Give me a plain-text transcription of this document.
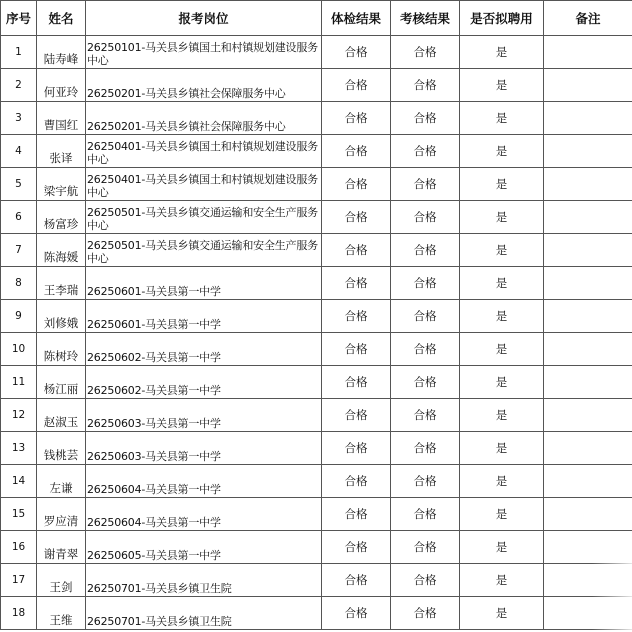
序号	姓名	报考岗位	体检结果	考核结果	是否拟聘用	备注
1	陆寿峰	26250101-马关县乡镇国土和村镇规划建设服务中心	合格	合格	是	
2	何亚玲	26250201-马关县乡镇社会保障服务中心	合格	合格	是	
3	曹国红	26250201-马关县乡镇社会保障服务中心	合格	合格	是	
4	张译	26250401-马关县乡镇国土和村镇规划建设服务中心	合格	合格	是	
5	梁宇航	26250401-马关县乡镇国土和村镇规划建设服务中心	合格	合格	是	
6	杨富珍	26250501-马关县乡镇交通运输和安全生产服务中心	合格	合格	是	
7	陈海媛	26250501-马关县乡镇交通运输和安全生产服务中心	合格	合格	是	
8	王李瑞	26250601-马关县第一中学	合格	合格	是	
9	刘修娥	26250601-马关县第一中学	合格	合格	是	
10	陈树玲	26250602-马关县第一中学	合格	合格	是	
11	杨江丽	26250602-马关县第一中学	合格	合格	是	
12	赵淑玉	26250603-马关县第一中学	合格	合格	是	
13	钱桃芸	26250603-马关县第一中学	合格	合格	是	
14	左谦	26250604-马关县第一中学	合格	合格	是	
15	罗应清	26250604-马关县第一中学	合格	合格	是	
16	谢青翠	26250605-马关县第一中学	合格	合格	是	
17	王剑	26250701-马关县乡镇卫生院	合格	合格	是	
18	王维	26250701-马关县乡镇卫生院	合格	合格	是	
